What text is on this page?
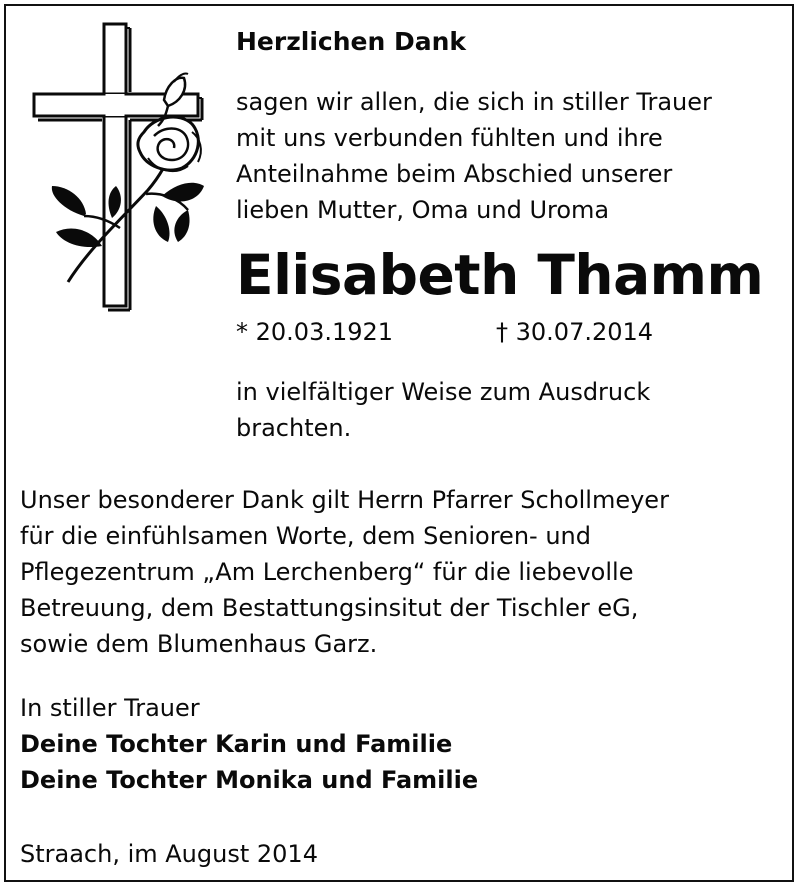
Herzlichen Dank

sagen wir allen, die sich in stiller Trauer
mit uns verbunden fühlten und ihre
Anteilnahme beim Abschied unserer
lieben Mutter, Oma und Uroma

Elisabeth Thamm

* 20.03.1921	† 30.07.2014

in vielfältiger Weise zum Ausdruck
brachten.

Unser besonderer Dank gilt Herrn Pfarrer Schollmeyer
für die einfühlsamen Worte, dem Senioren- und
Pflegezentrum „Am Lerchenberg“ für die liebevolle
Betreuung, dem Bestattungsinsitut der Tischler eG,
sowie dem Blumenhaus Garz.

In stiller Trauer

Deine Tochter Karin und Familie

Deine Tochter Monika und Familie

Straach, im August 2014
